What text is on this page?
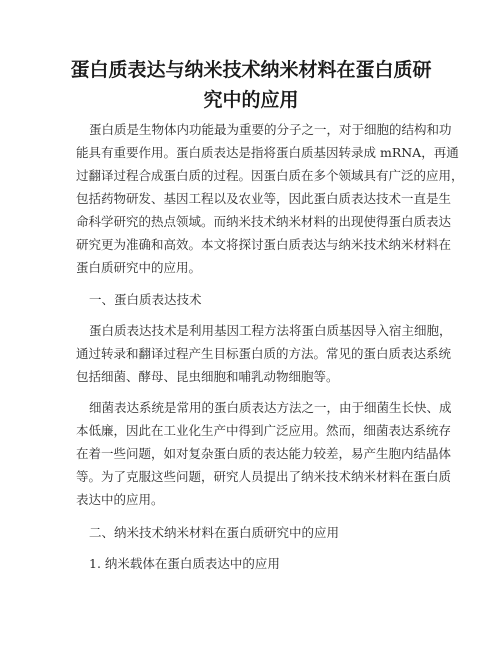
蛋白质表达与纳米技术纳米材料在蛋白质研
究中的应用

蛋白质是生物体内功能最为重要的分子之一，对于细胞的结构和功

能具有重要作用。蛋白质表达是指将蛋白质基因转录成 mRNA，再通

过翻译过程合成蛋白质的过程。因蛋白质在多个领域具有广泛的应用，

包括药物研发、基因工程以及农业等，因此蛋白质表达技术一直是生

命科学研究的热点领域。而纳米技术纳米材料的出现使得蛋白质表达

研究更为准确和高效。本文将探讨蛋白质表达与纳米技术纳米材料在

蛋白质研究中的应用。

一、蛋白质表达技术

蛋白质表达技术是利用基因工程方法将蛋白质基因导入宿主细胞，

通过转录和翻译过程产生目标蛋白质的方法。常见的蛋白质表达系统

包括细菌、酵母、昆虫细胞和哺乳动物细胞等。

细菌表达系统是常用的蛋白质表达方法之一，由于细菌生长快、成

本低廉，因此在工业化生产中得到广泛应用。然而，细菌表达系统存

在着一些问题，如对复杂蛋白质的表达能力较差，易产生胞内结晶体

等。为了克服这些问题，研究人员提出了纳米技术纳米材料在蛋白质

表达中的应用。

二、纳米技术纳米材料在蛋白质研究中的应用

1. 纳米载体在蛋白质表达中的应用
